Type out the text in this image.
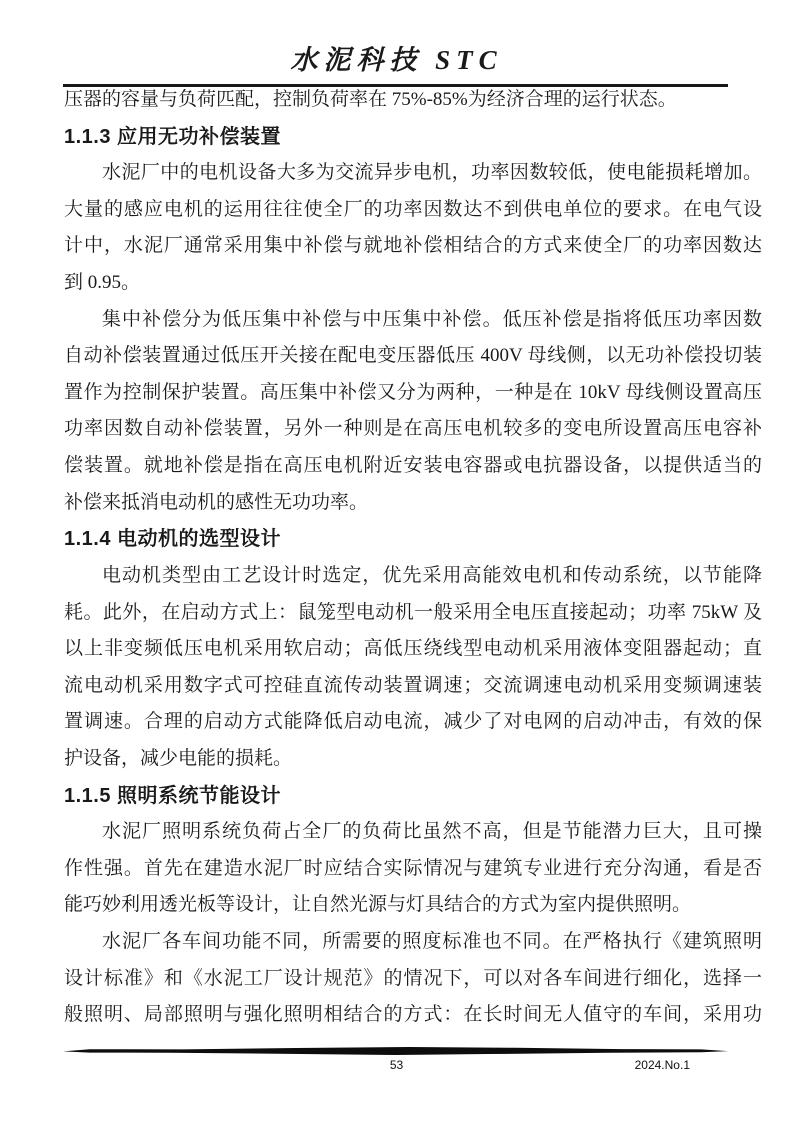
水泥科技 STC
压器的容量与负荷匹配，控制负荷率在 75%-85%为经济合理的运行状态。
1.1.3 应用无功补偿装置
水泥厂中的电机设备大多为交流异步电机，功率因数较低，使电能损耗增加。
大量的感应电机的运用往往使全厂的功率因数达不到供电单位的要求。在电气设
计中，水泥厂通常采用集中补偿与就地补偿相结合的方式来使全厂的功率因数达
到 0.95。
集中补偿分为低压集中补偿与中压集中补偿。低压补偿是指将低压功率因数
自动补偿装置通过低压开关接在配电变压器低压 400V 母线侧，以无功补偿投切装
置作为控制保护装置。高压集中补偿又分为两种，一种是在 10kV 母线侧设置高压
功率因数自动补偿装置，另外一种则是在高压电机较多的变电所设置高压电容补
偿装置。就地补偿是指在高压电机附近安装电容器或电抗器设备，以提供适当的
补偿来抵消电动机的感性无功功率。
1.1.4 电动机的选型设计
电动机类型由工艺设计时选定，优先采用高能效电机和传动系统，以节能降
耗。此外，在启动方式上：鼠笼型电动机一般采用全电压直接起动；功率 75kW 及
以上非变频低压电机采用软启动；高低压绕线型电动机采用液体变阻器起动；直
流电动机采用数字式可控硅直流传动装置调速；交流调速电动机采用变频调速装
置调速。合理的启动方式能降低启动电流，减少了对电网的启动冲击，有效的保
护设备，减少电能的损耗。
1.1.5 照明系统节能设计
水泥厂照明系统负荷占全厂的负荷比虽然不高，但是节能潜力巨大，且可操
作性强。首先在建造水泥厂时应结合实际情况与建筑专业进行充分沟通，看是否
能巧妙利用透光板等设计，让自然光源与灯具结合的方式为室内提供照明。
水泥厂各车间功能不同，所需要的照度标准也不同。在严格执行《建筑照明
设计标准》和《水泥工厂设计规范》的情况下，可以对各车间进行细化，选择一
般照明、局部照明与强化照明相结合的方式：在长时间无人值守的车间，采用功
53	2024.No.1
